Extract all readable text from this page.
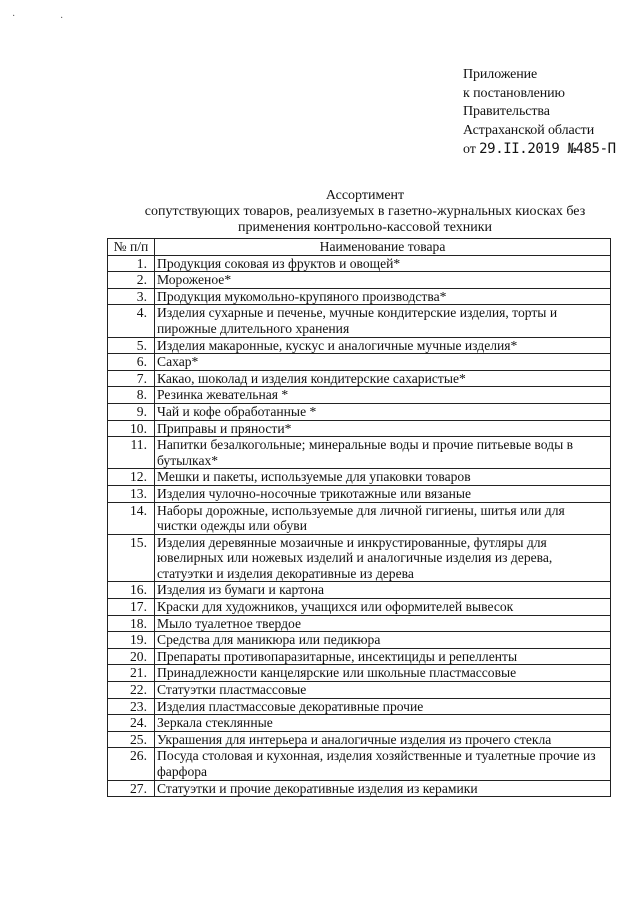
·	·
Приложение
к постановлению
Правительства
Астраханской области
от 29.II.2019 №485-П
Ассортимент
сопутствующих товаров, реализуемых в газетно-журнальных киосках без
применения контрольно-кассовой техники
№ п/п	Наименование товара
1.	Продукция соковая из фруктов и овощей*
2.	Мороженое*
3.	Продукция мукомольно-крупяного производства*
4.	Изделия сухарные и печенье, мучные кондитерские изделия, торты и пирожные длительного хранения
5.	Изделия макаронные, кускус и аналогичные мучные изделия*
6.	Сахар*
7.	Какао, шоколад и изделия кондитерские сахаристые*
8.	Резинка жевательная *
9.	Чай и кофе обработанные *
10.	Приправы и пряности*
11.	Напитки безалкогольные; минеральные воды и прочие питьевые воды в бутылках*
12.	Мешки и пакеты, используемые для упаковки товаров
13.	Изделия чулочно-носочные трикотажные или вязаные
14.	Наборы дорожные, используемые для личной гигиены, шитья или для чистки одежды или обуви
15.	Изделия деревянные мозаичные и инкрустированные, футляры для ювелирных или ножевых изделий и аналогичные изделия из дерева, статуэтки и изделия декоративные из дерева
16.	Изделия из бумаги и картона
17.	Краски для художников, учащихся или оформителей вывесок
18.	Мыло туалетное твердое
19.	Средства для маникюра или педикюра
20.	Препараты противопаразитарные, инсектициды и репелленты
21.	Принадлежности канцелярские или школьные пластмассовые
22.	Статуэтки пластмассовые
23.	Изделия пластмассовые декоративные прочие
24.	Зеркала стеклянные
25.	Украшения для интерьера и аналогичные изделия из прочего стекла
26.	Посуда столовая и кухонная, изделия хозяйственные и туалетные прочие из фарфора
27.	Статуэтки и прочие декоративные изделия из керамики
